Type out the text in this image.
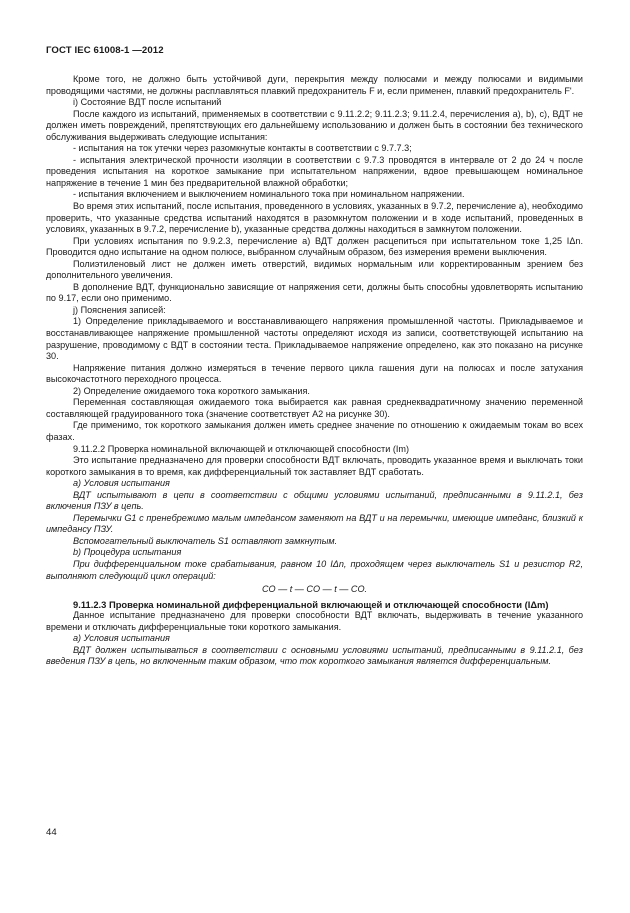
ГОСТ IEC 61008-1 —2012

Кроме того, не должно быть устойчивой дуги, перекрытия между полюсами и между полюсами и видимыми проводящими частями, не должны расплавляться плавкий предохранитель F и, если применен, плавкий предохранитель F'.

i) Состояние ВДТ после испытаний

После каждого из испытаний, применяемых в соответствии с 9.11.2.2; 9.11.2.3; 9.11.2.4, перечисления а), b), с), ВДТ не должен иметь повреждений, препятствующих его дальнейшему использованию и должен быть в состоянии без технического обслуживания выдерживать следующие испытания:

- испытания на ток утечки через разомкнутые контакты в соответствии с 9.7.7.3;

- испытания электрической прочности изоляции в соответствии с 9.7.3 проводятся в интервале от 2 до 24 ч после проведения испытания на короткое замыкание при испытательном напряжении, вдвое превышающем номинальное напряжение в течение 1 мин без предварительной влажной обработки;

- испытания включением и выключением номинального тока при номинальном напряжении.

Во время этих испытаний, после испытания, проведенного в условиях, указанных в 9.7.2, перечисление а), необходимо проверить, что указанные средства испытаний находятся в разомкнутом положении и в ходе испытаний, проведенных в условиях, указанных в 9.7.2, перечисление b), указанные средства должны находиться в замкнутом положении.

При условиях испытания по 9.9.2.3, перечисление а) ВДТ должен расцепиться при испытательном токе 1,25 IΔn. Проводится одно испытание на одном полюсе, выбранном случайным образом, без измерения времени выключения.

Полиэтиленовый лист не должен иметь отверстий, видимых нормальным или корректированным зрением без дополнительного увеличения.

В дополнение ВДТ, функционально зависящие от напряжения сети, должны быть способны удовлетворять испытанию по 9.17, если оно применимо.

j) Пояснения записей:

1) Определение прикладываемого и восстанавливающего напряжения промышленной частоты. Прикладываемое и восстанавливающее напряжение промышленной частоты определяют исходя из записи, соответствующей испытанию на разрушение, проводимому с ВДТ в состоянии теста. Прикладываемое напряжение определено, как это показано на рисунке 30.

Напряжение питания должно измеряться в течение первого цикла гашения дуги на полюсах и после затухания высокочастотного переходного процесса.

2) Определение ожидаемого тока короткого замыкания.

Переменная составляющая ожидаемого тока выбирается как равная среднеквадратичному значению переменной составляющей градуированного тока (значение соответствует A2 на рисунке 30).

Где применимо, ток короткого замыкания должен иметь среднее значение по отношению к ожидаемым токам во всех фазах.

9.11.2.2 Проверка номинальной включающей и отключающей способности (Im)

Это испытание предназначено для проверки способности ВДТ включать, проводить указанное время и выключать токи короткого замыкания в то время, как дифференциальный ток заставляет ВДТ сработать.

а) Условия испытания

ВДТ испытывают в цепи в соответствии с общими условиями испытаний, предписанными в 9.11.2.1, без включения ПЗУ в цепь.

Перемычки G1 с пренебрежимо малым импедансом заменяют на ВДТ и на перемычки, имеющие импеданс, близкий к импедансу ПЗУ.

Вспомогательный выключатель S1 оставляют замкнутым.

b) Процедура испытания

При дифференциальном токе срабатывания, равном 10 IΔn, проходящем через выключатель S1 и резистор R2, выполняют следующий цикл операций:

CO — t — CO — t — CO.

9.11.2.3 Проверка номинальной дифференциальной включающей и отключающей способности (IΔm)

Данное испытание предназначено для проверки способности ВДТ включать, выдерживать в течение указанного времени и отключать дифференциальные токи короткого замыкания.

а) Условия испытания

ВДТ должен испытываться в соответствии с основными условиями испытаний, предписанными в 9.11.2.1, без введения ПЗУ в цепь, но включенным таким образом, что ток короткого замыкания является дифференциальным.

44
